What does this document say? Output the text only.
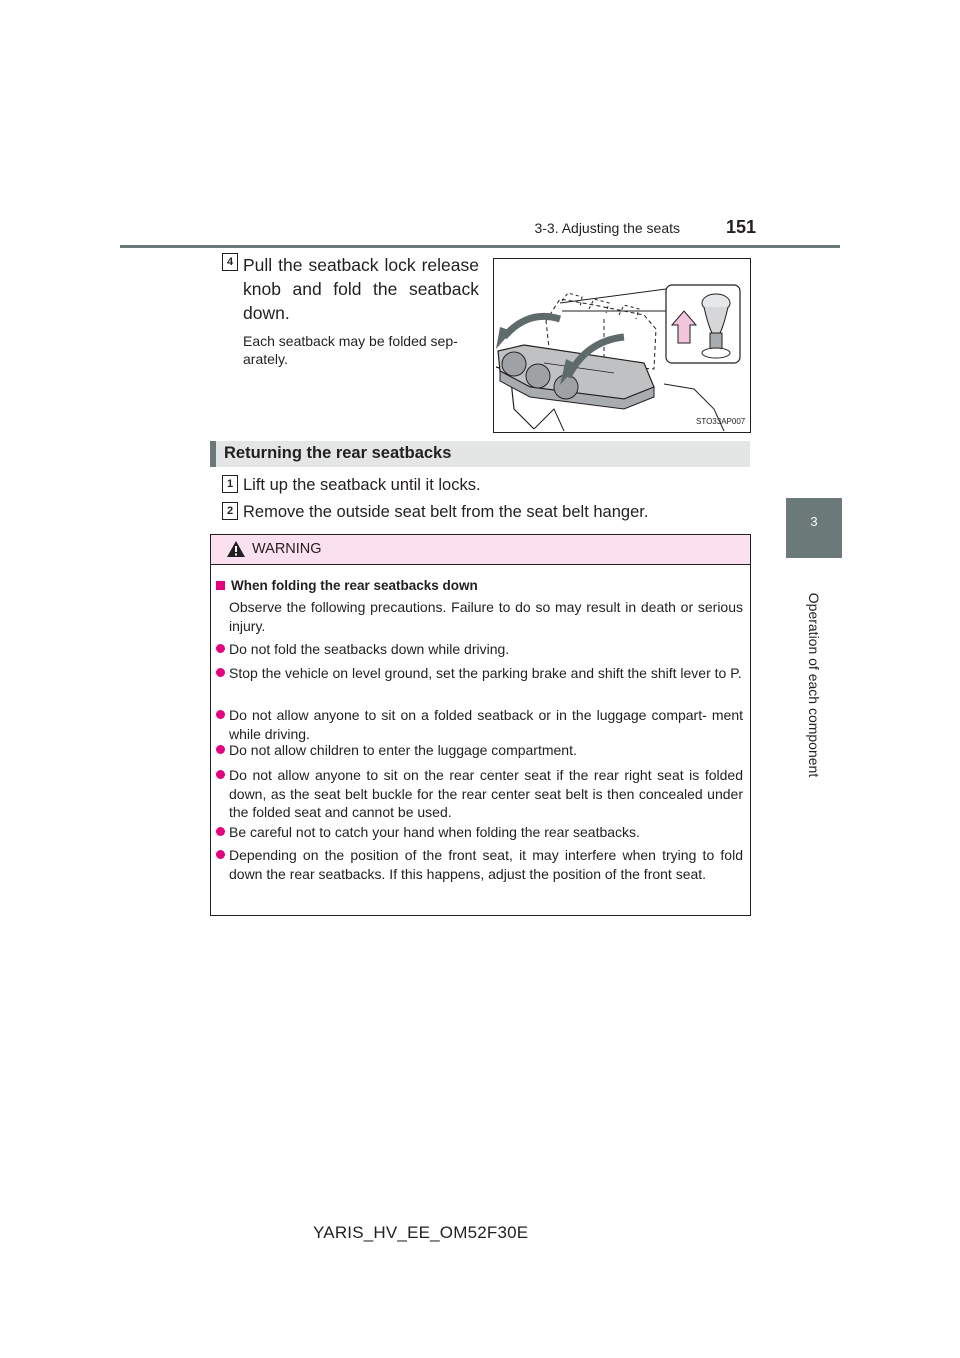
3-3. Adjusting the seats	151
3
Operation of each component
4 Pull the seatback lock release
knob and fold the seatback
down.
Each seatback may be folded sep-
arately.
STO33AP007
Returning the rear seatbacks
1 Lift up the seatback until it locks.
2 Remove the outside seat belt from the seat belt hanger.
WARNING
When folding the rear seatbacks down
Observe the following precautions. Failure to do so may result in death or serious injury.
Do not fold the seatbacks down while driving.
Stop the vehicle on level ground, set the parking brake and shift the shift lever to P.
Do not allow anyone to sit on a folded seatback or in the luggage compart- ment while driving.
Do not allow children to enter the luggage compartment.
Do not allow anyone to sit on the rear center seat if the rear right seat is folded down, as the seat belt buckle for the rear center seat belt is then concealed under the folded seat and cannot be used.
Be careful not to catch your hand when folding the rear seatbacks.
Depending on the position of the front seat, it may interfere when trying to fold down the rear seatbacks. If this happens, adjust the position of the front seat.
YARIS_HV_EE_OM52F30E
